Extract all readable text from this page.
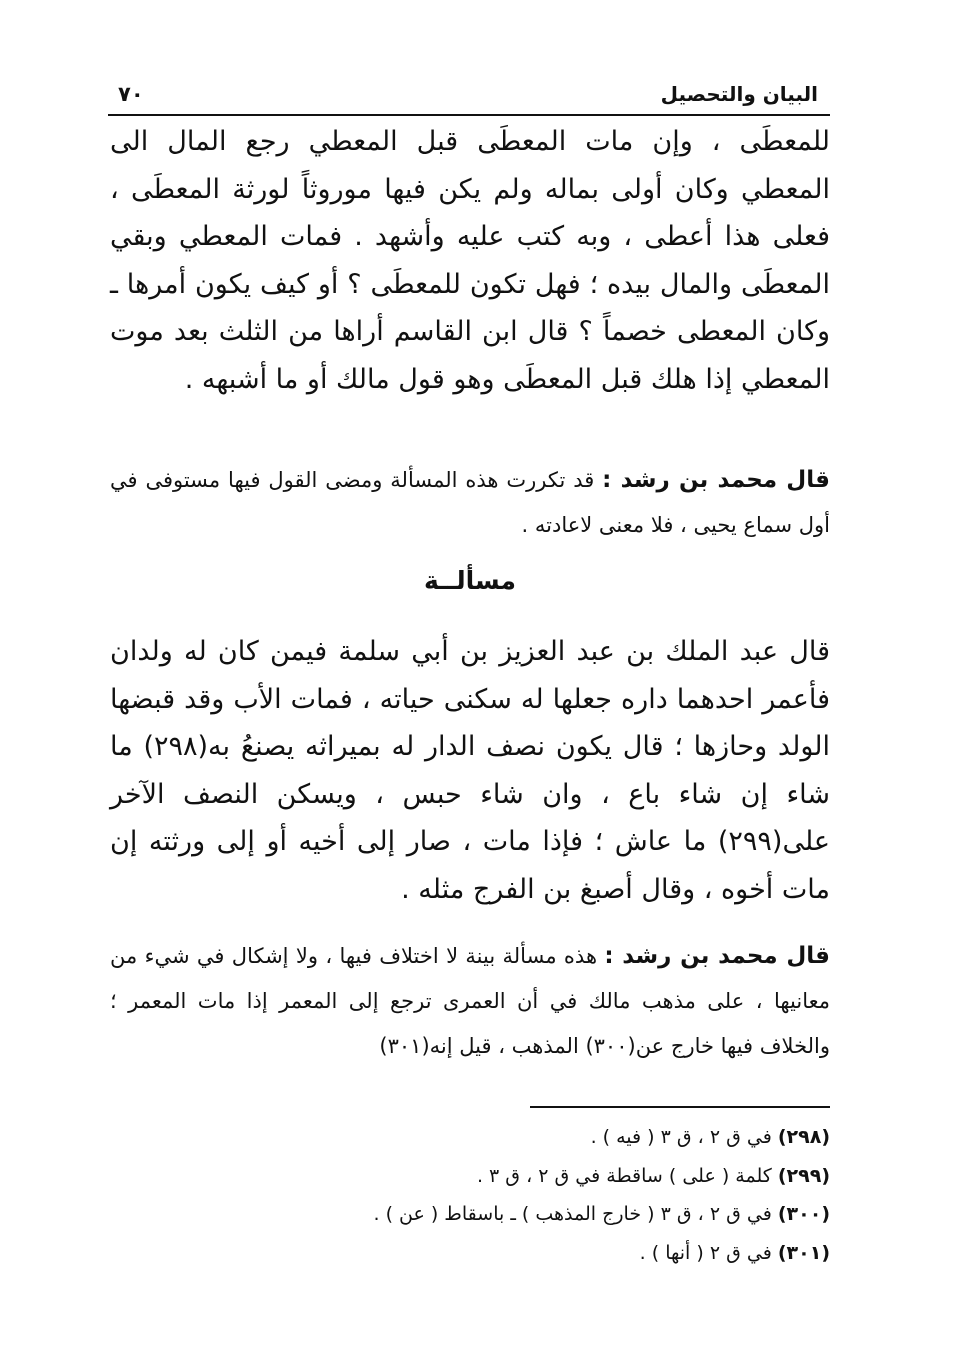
٧٠	البيان والتحصيل

للمعطَى ، وإن مات المعطَى قبل المعطي رجع المال الى المعطي وكان أولى بماله ولم يكن فيها موروثاً لورثة المعطَى ، فعلى هذا أعطى ، وبه كتب عليه وأشهد . فمات المعطي وبقي المعطَى والمال بيده ؛ فهل تكون للمعطَى ؟ أو كيف يكون أمرها ـ وكان المعطى خصماً ؟ قال ابن القاسم أراها من الثلث بعد موت المعطي إذا هلك قبل المعطَى وهو قول مالك أو ما أشبهه .

قال محمد بن رشد : قد تكررت هذه المسألة ومضى القول فيها مستوفى في أول سماع يحيى ، فلا معنى لاعادته .

مسألــة

قال عبد الملك بن عبد العزيز بن أبي سلمة فيمن كان له ولدان فأعمر احدهما داره جعلها له سكنى حياته ، فمات الأب وقد قبضها الولد وحازها ؛ قال يكون نصف الدار له بميراثه يصنعُ به(٢٩٨) ما شاء إن شاء باع ، وان شاء حبس ، ويسكن النصف الآخر على(٢٩٩) ما عاش ؛ فإذا مات ، صار إلى أخيه أو إلى ورثته إن مات أخوه ، وقال أصبغ بن الفرج مثله .

قال محمد بن رشد : هذه مسألة بينة لا اختلاف فيها ، ولا إشكال في شيء من معانيها ، على مذهب مالك في أن العمرى ترجع إلى المعمر إذا مات المعمر ؛ والخلاف فيها خارج عن(٣٠٠) المذهب ، قيل إنه(٣٠١)

(٢٩٨) في ق ٢ ، ق ٣ ( فيه ) .
(٢٩٩) كلمة ( على ) ساقطة في ق ٢ ، ق ٣ .
(٣٠٠) في ق ٢ ، ق ٣ ( خارج المذهب ) ـ باسقاط ( عن ) .
(٣٠١) في ق ٢ ( أنها ) .
